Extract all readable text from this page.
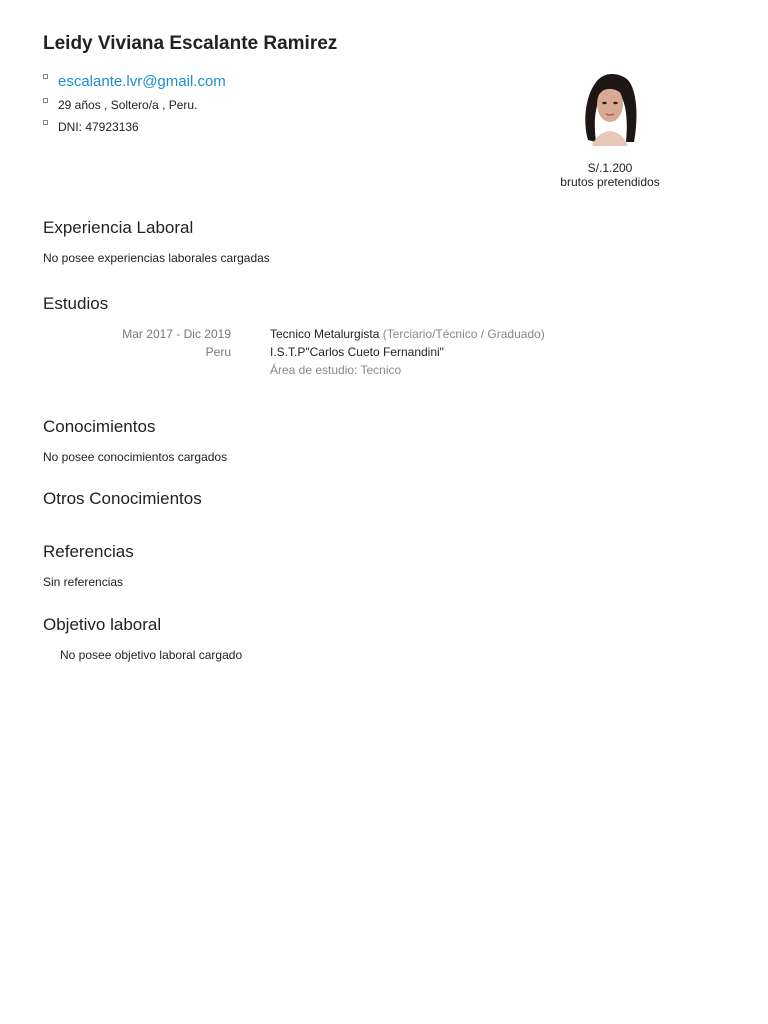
Leidy Viviana Escalante Ramirez
escalante.lvr@gmail.com
29 años , Soltero/a , Peru.
DNI: 47923136
S/.1.200
brutos pretendidos
Experiencia Laboral

No posee experiencias laborales cargadas

Estudios
Mar 2017 - Dic 2019
Peru
Tecnico Metalurgista (Terciario/Técnico / Graduado)
I.S.T.P"Carlos Cueto Fernandini"
Área de estudio: Tecnico
Conocimientos

No posee conocimientos cargados

Otros Conocimientos
Referencias

Sin referencias

Objetivo laboral

No posee objetivo laboral cargado
